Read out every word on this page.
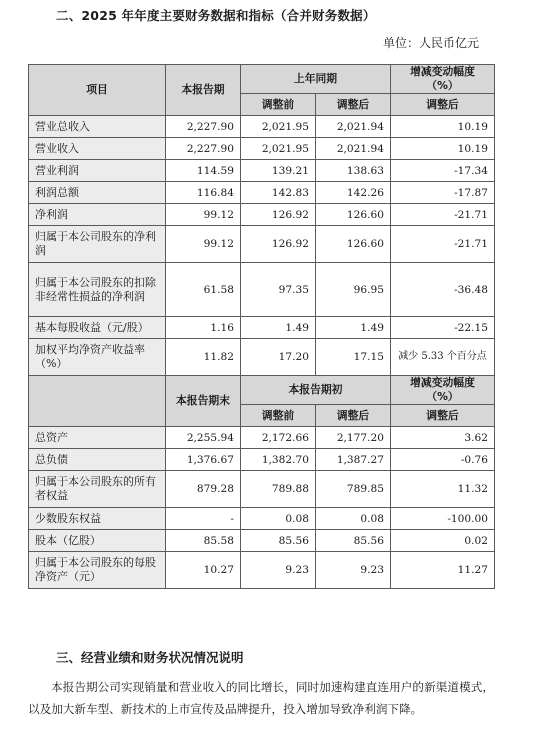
二、2025 年年度主要财务数据和指标（合并财务数据）
单位：人民币亿元
项目	本报告期	上年同期		增减变动幅度（%）
		调整前	调整后	调整后
营业总收入	2,227.90	2,021.95	2,021.94	10.19
营业收入	2,227.90	2,021.95	2,021.94	10.19
营业利润	114.59	139.21	138.63	-17.34
利润总额	116.84	142.83	142.26	-17.87
净利润	99.12	126.92	126.60	-21.71
归属于本公司股东的净利润	99.12	126.92	126.60	-21.71
归属于本公司股东的扣除非经常性损益的净利润	61.58	97.35	96.95	-36.48
基本每股收益（元/股）	1.16	1.49	1.49	-22.15
加权平均净资产收益率（%）	11.82	17.20	17.15	减少 5.33 个百分点
	本报告期末	本报告期初		增减变动幅度（%）
		调整前	调整后	调整后
总资产	2,255.94	2,172.66	2,177.20	3.62
总负债	1,376.67	1,382.70	1,387.27	-0.76
归属于本公司股东的所有者权益	879.28	789.88	789.85	11.32
少数股东权益	-	0.08	0.08	-100.00
股本（亿股）	85.58	85.56	85.56	0.02
归属于本公司股东的每股净资产（元）	10.27	9.23	9.23	11.27
三、经营业绩和财务状况情况说明
本报告期公司实现销量和营业收入的同比增长，同时加速构建直连用户的新渠道模式，以及加大新车型、新技术的上市宣传及品牌提升，投入增加导致净利润下降。
